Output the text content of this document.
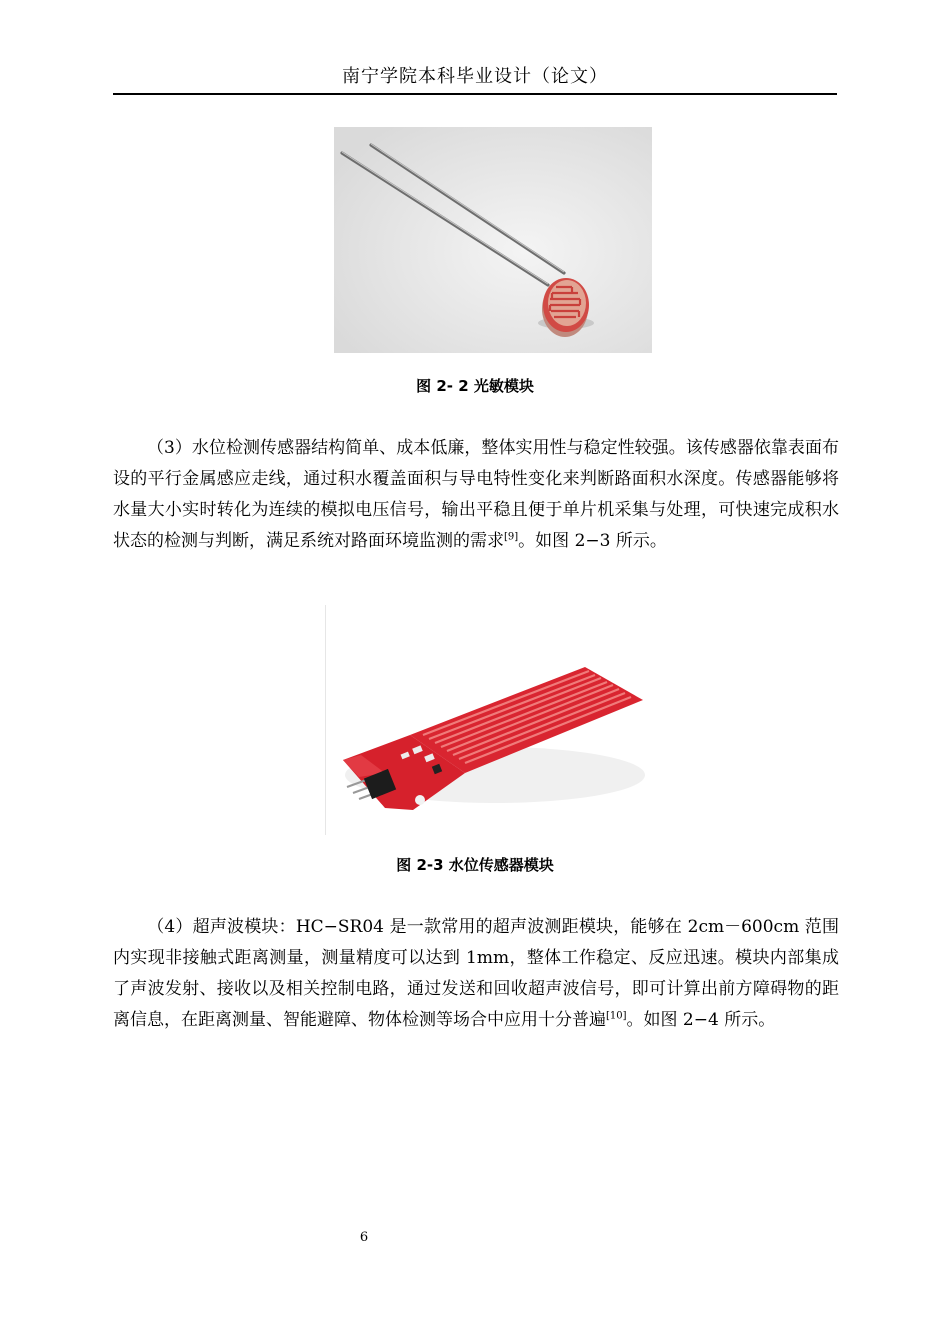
南宁学院本科毕业设计（论文）
图 2- 2 光敏模块

（3）水位检测传感器结构简单、成本低廉，整体实用性与稳定性较强。该传感器依靠表面布设的平行金属感应走线，通过积水覆盖面积与导电特性变化来判断路面积水深度。传感器能够将水量大小实时转化为连续的模拟电压信号，输出平稳且便于单片机采集与处理，可快速完成积水状态的检测与判断，满足系统对路面环境监测的需求[9]。如图 2−3 所示。

图 2-3 水位传感器模块

（4）超声波模块：HC−SR04 是一款常用的超声波测距模块，能够在 2cm－600cm 范围内实现非接触式距离测量，测量精度可以达到 1mm，整体工作稳定、反应迅速。模块内部集成了声波发射、接收以及相关控制电路，通过发送和回收超声波信号，即可计算出前方障碍物的距离信息，在距离测量、智能避障、物体检测等场合中应用十分普遍[10]。如图 2−4 所示。

6
